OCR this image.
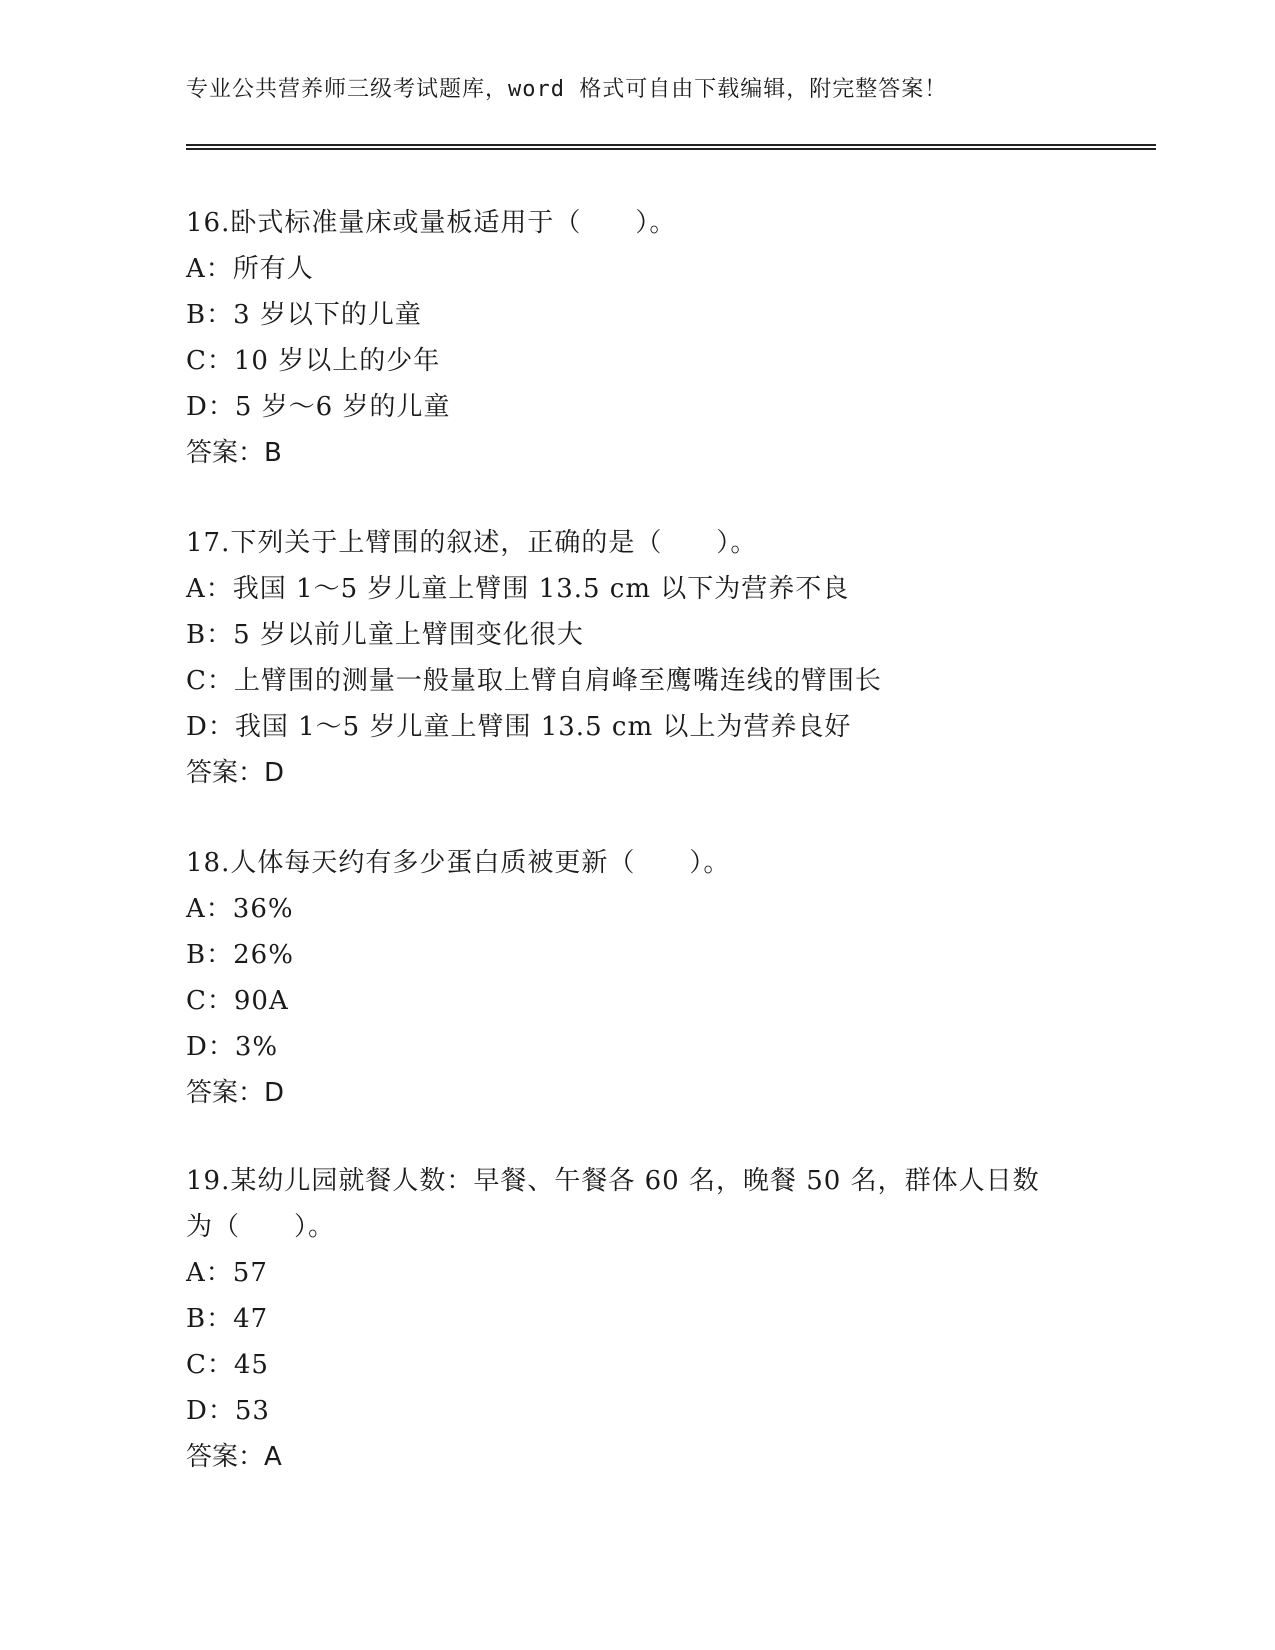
专业公共营养师三级考试题库，word 格式可自由下载编辑，附完整答案！
16.卧式标准量床或量板适用于（　　）。
A：所有人
B：3 岁以下的儿童
C：10 岁以上的少年
D：5 岁～6 岁的儿童
答案：B
17.下列关于上臂围的叙述，正确的是（　　）。
A：我国 1～5 岁儿童上臂围 13.5 cm 以下为营养不良
B：5 岁以前儿童上臂围变化很大
C：上臂围的测量一般量取上臂自肩峰至鹰嘴连线的臂围长
D：我国 1～5 岁儿童上臂围 13.5 cm 以上为营养良好
答案：D
18.人体每天约有多少蛋白质被更新（　　）。
A：36%
B：26%
C：90A
D：3%
答案：D
19.某幼儿园就餐人数：早餐、午餐各 60 名，晚餐 50 名，群体人日数
为（　　）。
A：57
B：47
C：45
D：53
答案：A
